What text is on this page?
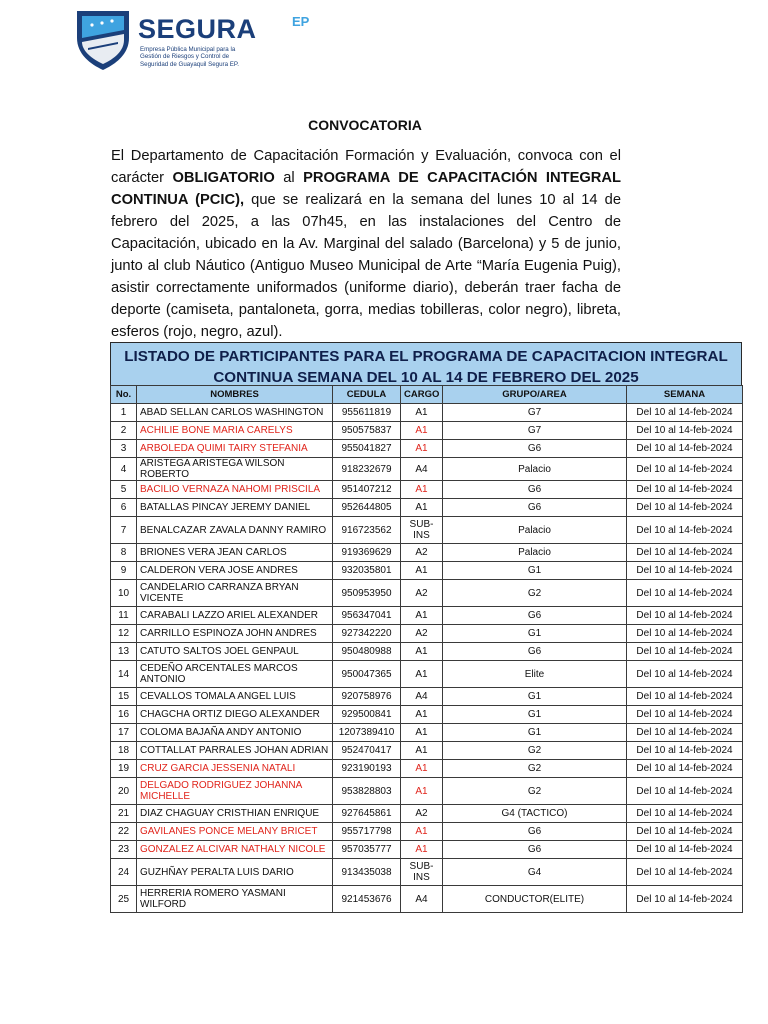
SEGURA	EP
Empresa Pública Municipal para la
Gestión de Riesgos y Control de
Seguridad de Guayaquil Segura EP.
CONVOCATORIA
El Departamento de Capacitación Formación y Evaluación, convoca con el carácter OBLIGATORIO al PROGRAMA DE CAPACITACIÓN INTEGRAL CONTINUA (PCIC), que se realizará en la semana del lunes 10 al 14 de febrero del 2025, a las 07h45, en las instalaciones del Centro de Capacitación, ubicado en la Av. Marginal del salado (Barcelona) y 5 de junio, junto al club Náutico (Antiguo Museo Municipal de Arte “María Eugenia Puig), asistir correctamente uniformados (uniforme diario), deberán traer facha de deporte (camiseta, pantaloneta, gorra, medias tobilleras, color negro), libreta, esferos (rojo, negro, azul).
LISTADO DE PARTICIPANTES PARA EL PROGRAMA DE CAPACITACION INTEGRAL
CONTINUA SEMANA DEL 10 AL 14 DE FEBRERO DEL 2025
No.	NOMBRES	CEDULA	CARGO	GRUPO/AREA	SEMANA
1	ABAD SELLAN CARLOS WASHINGTON	955611819	A1	G7	Del 10 al 14-feb-2024
2	ACHILIE BONE MARIA CARELYS	950575837	A1	G7	Del 10 al 14-feb-2024
3	ARBOLEDA QUIMI TAIRY STEFANIA	955041827	A1	G6	Del 10 al 14-feb-2024
4	ARISTEGA ARISTEGA WILSON ROBERTO	918232679	A4	Palacio	Del 10 al 14-feb-2024
5	BACILIO VERNAZA NAHOMI PRISCILA	951407212	A1	G6	Del 10 al 14-feb-2024
6	BATALLAS PINCAY JEREMY DANIEL	952644805	A1	G6	Del 10 al 14-feb-2024
7	BENALCAZAR ZAVALA DANNY RAMIRO	916723562	SUB-INS	Palacio	Del 10 al 14-feb-2024
8	BRIONES VERA JEAN CARLOS	919369629	A2	Palacio	Del 10 al 14-feb-2024
9	CALDERON VERA JOSE ANDRES	932035801	A1	G1	Del 10 al 14-feb-2024
10	CANDELARIO CARRANZA BRYAN VICENTE	950953950	A2	G2	Del 10 al 14-feb-2024
11	CARABALI LAZZO ARIEL ALEXANDER	956347041	A1	G6	Del 10 al 14-feb-2024
12	CARRILLO ESPINOZA JOHN ANDRES	927342220	A2	G1	Del 10 al 14-feb-2024
13	CATUTO SALTOS JOEL GENPAUL	950480988	A1	G6	Del 10 al 14-feb-2024
14	CEDEÑO ARCENTALES MARCOS ANTONIO	950047365	A1	Elite	Del 10 al 14-feb-2024
15	CEVALLOS TOMALA ANGEL LUIS	920758976	A4	G1	Del 10 al 14-feb-2024
16	CHAGCHA ORTIZ DIEGO ALEXANDER	929500841	A1	G1	Del 10 al 14-feb-2024
17	COLOMA BAJAÑA ANDY ANTONIO	1207389410	A1	G1	Del 10 al 14-feb-2024
18	COTTALLAT PARRALES JOHAN ADRIAN	952470417	A1	G2	Del 10 al 14-feb-2024
19	CRUZ GARCIA JESSENIA NATALI	923190193	A1	G2	Del 10 al 14-feb-2024
20	DELGADO RODRIGUEZ JOHANNA MICHELLE	953828803	A1	G2	Del 10 al 14-feb-2024
21	DIAZ CHAGUAY CRISTHIAN ENRIQUE	927645861	A2	G4 (TACTICO)	Del 10 al 14-feb-2024
22	GAVILANES PONCE MELANY BRICET	955717798	A1	G6	Del 10 al 14-feb-2024
23	GONZALEZ ALCIVAR NATHALY NICOLE	957035777	A1	G6	Del 10 al 14-feb-2024
24	GUZHÑAY PERALTA LUIS DARIO	913435038	SUB-INS	G4	Del 10 al 14-feb-2024
25	HERRERIA ROMERO YASMANI WILFORD	921453676	A4	CONDUCTOR(ELITE)	Del 10 al 14-feb-2024
